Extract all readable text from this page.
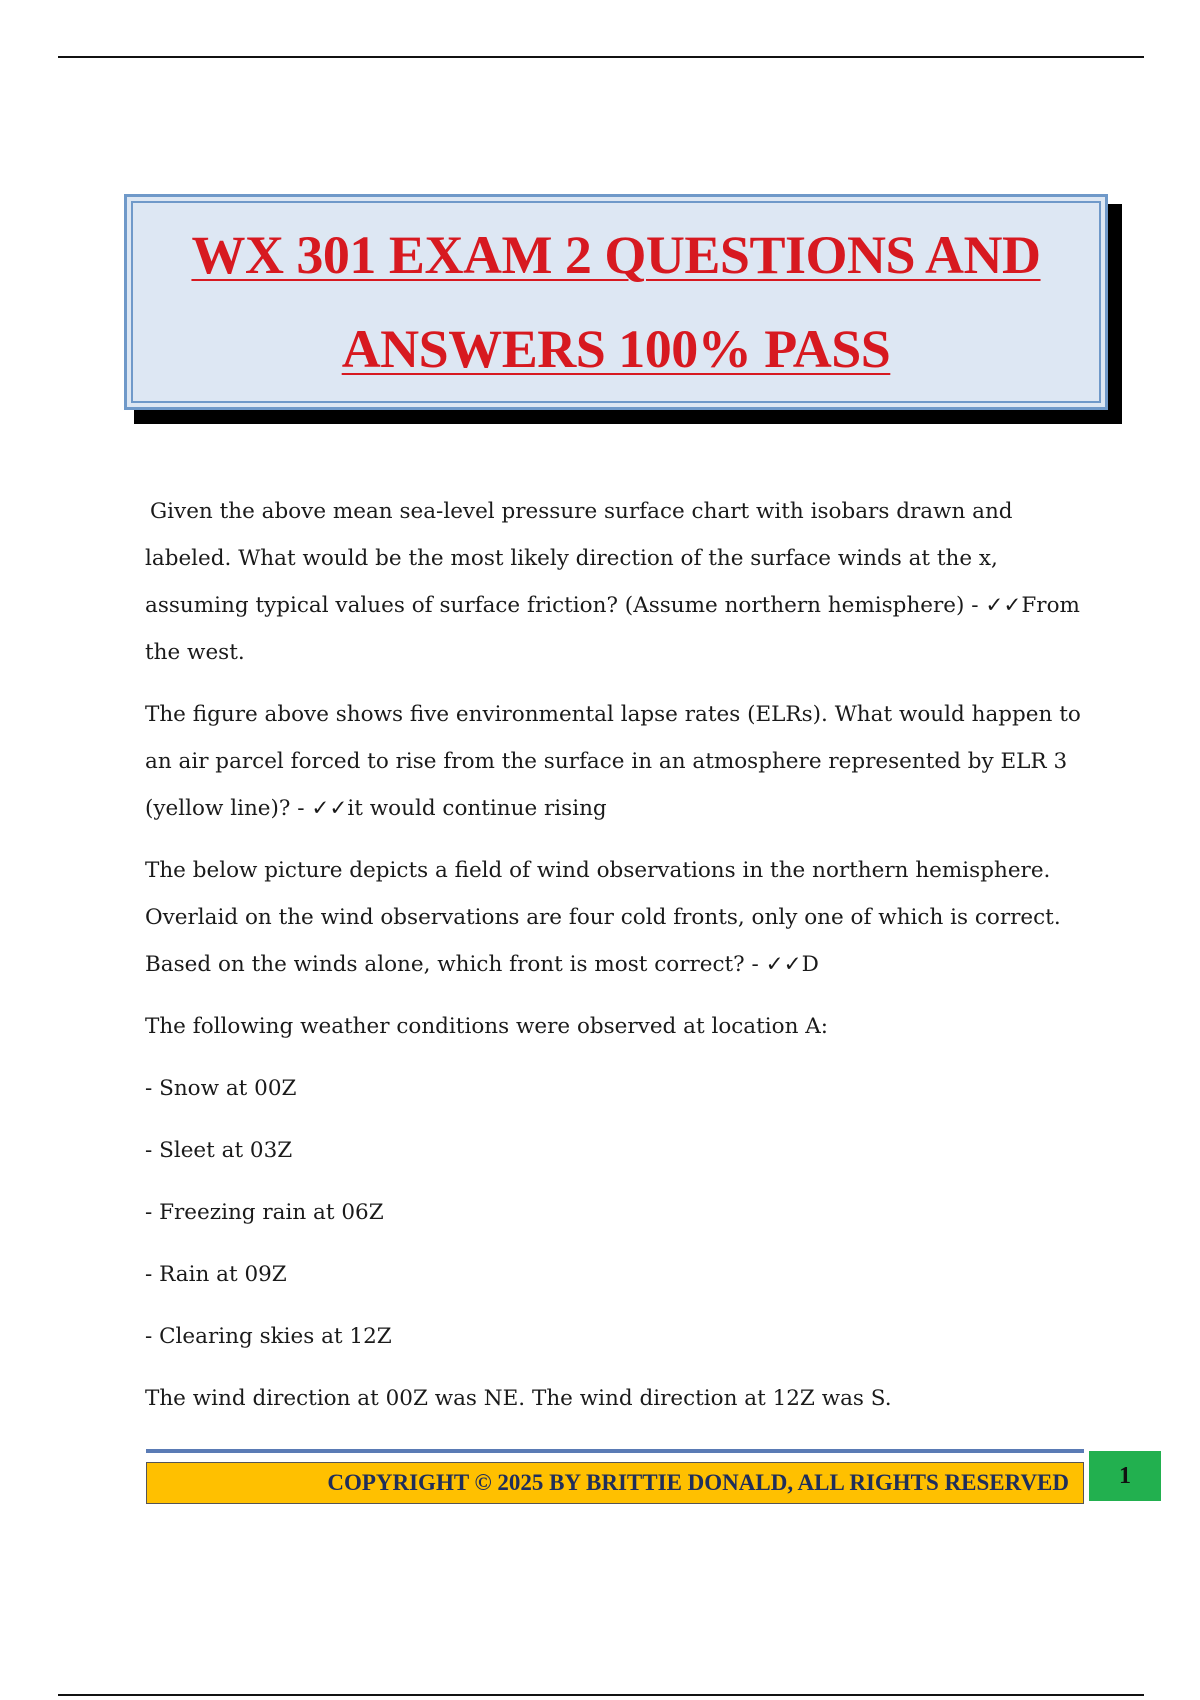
WX 301 EXAM 2 QUESTIONS AND
ANSWERS 100% PASS

Given the above mean sea-level pressure surface chart with isobars drawn and labeled. What would be the most likely direction of the surface winds at the x, assuming typical values of surface friction? (Assume northern hemisphere) - ✓✓From the west.

The figure above shows five environmental lapse rates (ELRs). What would happen to an air parcel forced to rise from the surface in an atmosphere represented by ELR 3 (yellow line)? - ✓✓it would continue rising

The below picture depicts a field of wind observations in the northern hemisphere. Overlaid on the wind observations are four cold fronts, only one of which is correct. Based on the winds alone, which front is most correct? - ✓✓D

The following weather conditions were observed at location A:

- Snow at 00Z

- Sleet at 03Z

- Freezing rain at 06Z

- Rain at 09Z

- Clearing skies at 12Z

The wind direction at 00Z was NE. The wind direction at 12Z was S.

COPYRIGHT © 2025 BY BRITTIE DONALD, ALL RIGHTS RESERVED	1
